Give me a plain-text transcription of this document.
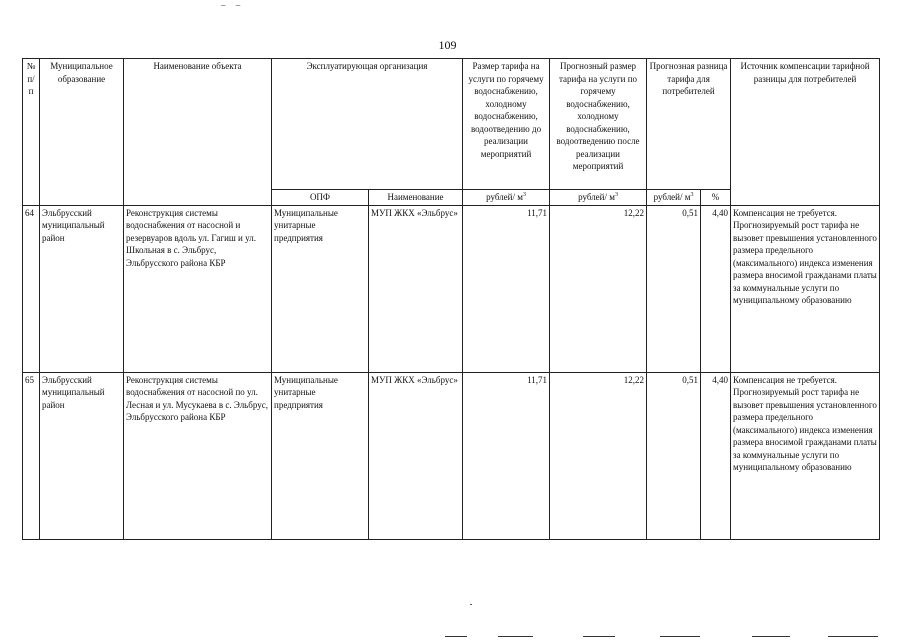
– –
109
№ п/п	Муниципальное образование	Наименование объекта	Эксплуатирующая организация		Размер тарифа на услуги по горячему водоснабжению, холодному водоснабжению, водоотведению до реализации мероприятий	Прогнозный размер тарифа на услуги по горячему водоснабжению, холодному водоснабжению, водоотведению после реализации мероприятий	Прогнозная разница тарифа для потребителей		Источник компенсации тарифной разницы для потребителей
			ОПФ	Наименование	рублей/ $м^3$	рублей/ $м^3$	рублей/ $м^3$	%	
64	Эльбрусский муниципальный район	Реконструкция системы водоснабжения от насосной и резервуаров вдоль ул. Гагиш и ул. Школьная в с. Эльбрус, Эльбрусского района КБР	Муниципальные унитарные предприятия	МУП ЖКХ «Эльбрус»	11,71	12,22	0,51	4,40	Компенсация не требуется. Прогнозируемый рост тарифа не вызовет превышения установленного размера предельного (максимального) индекса изменения размера вносимой гражданами платы за коммунальные услуги по муниципальному образованию
65	Эльбрусский муниципальный район	Реконструкция системы водоснабжения от насосной по ул. Лесная и ул. Мусукаева в с. Эльбрус, Эльбрусского района КБР	Муниципальные унитарные предприятия	МУП ЖКХ «Эльбрус»	11,71	12,22	0,51	4,40	Компенсация не требуется. Прогнозируемый рост тарифа не вызовет превышения установленного размера предельного (максимального) индекса изменения размера вносимой гражданами платы за коммунальные услуги по муниципальному образованию
